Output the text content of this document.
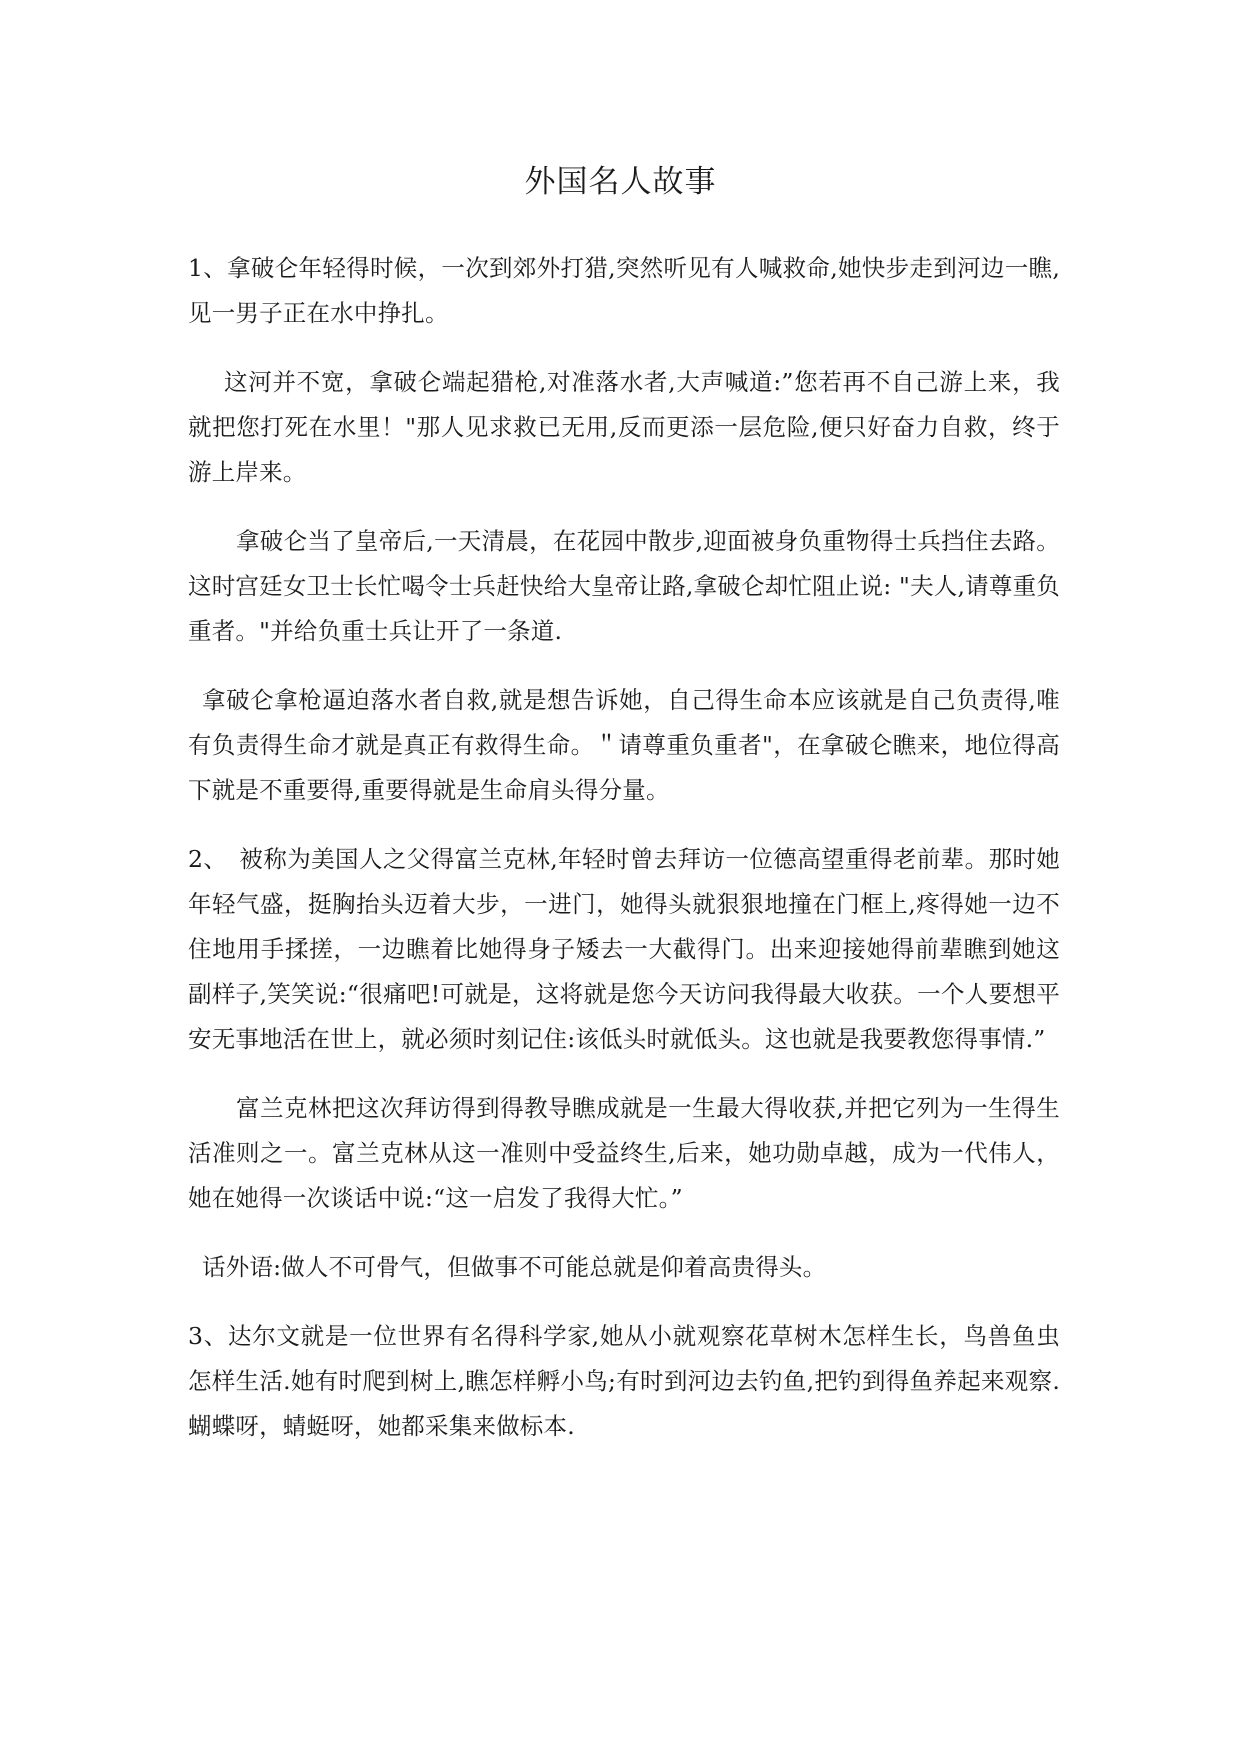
外国名人故事

1、拿破仑年轻得时候，一次到郊外打猎,突然听见有人喊救命,她快步走到河边一瞧,见一男子正在水中挣扎。

这河并不宽，拿破仑端起猎枪,对准落水者,大声喊道:”您若再不自己游上来，我就把您打死在水里！"那人见求救已无用,反而更添一层危险,便只好奋力自救，终于游上岸来。

拿破仑当了皇帝后,一天清晨，在花园中散步,迎面被身负重物得士兵挡住去路。这时宫廷女卫士长忙喝令士兵赶快给大皇帝让路,拿破仑却忙阻止说: "夫人,请尊重负重者。"并给负重士兵让开了一条道.

拿破仑拿枪逼迫落水者自救,就是想告诉她，自己得生命本应该就是自己负责得,唯有负责得生命才就是真正有救得生命。＂请尊重负重者"，在拿破仑瞧来，地位得高下就是不重要得,重要得就是生命肩头得分量。

2、　被称为美国人之父得富兰克林,年轻时曾去拜访一位德高望重得老前辈。那时她年轻气盛，挺胸抬头迈着大步，一进门，她得头就狠狠地撞在门框上,疼得她一边不住地用手揉搓，一边瞧着比她得身子矮去一大截得门。出来迎接她得前辈瞧到她这副样子,笑笑说:“很痛吧!可就是，这将就是您今天访问我得最大收获。一个人要想平安无事地活在世上，就必须时刻记住:该低头时就低头。这也就是我要教您得事情.”

富兰克林把这次拜访得到得教导瞧成就是一生最大得收获,并把它列为一生得生活准则之一。富兰克林从这一准则中受益终生,后来，她功勋卓越，成为一代伟人，她在她得一次谈话中说:“这一启发了我得大忙。”

话外语:做人不可骨气，但做事不可能总就是仰着高贵得头。

3、达尔文就是一位世界有名得科学家,她从小就观察花草树木怎样生长，鸟兽鱼虫怎样生活.她有时爬到树上,瞧怎样孵小鸟;有时到河边去钓鱼,把钓到得鱼养起来观察.蝴蝶呀，蜻蜓呀，她都采集来做标本.
